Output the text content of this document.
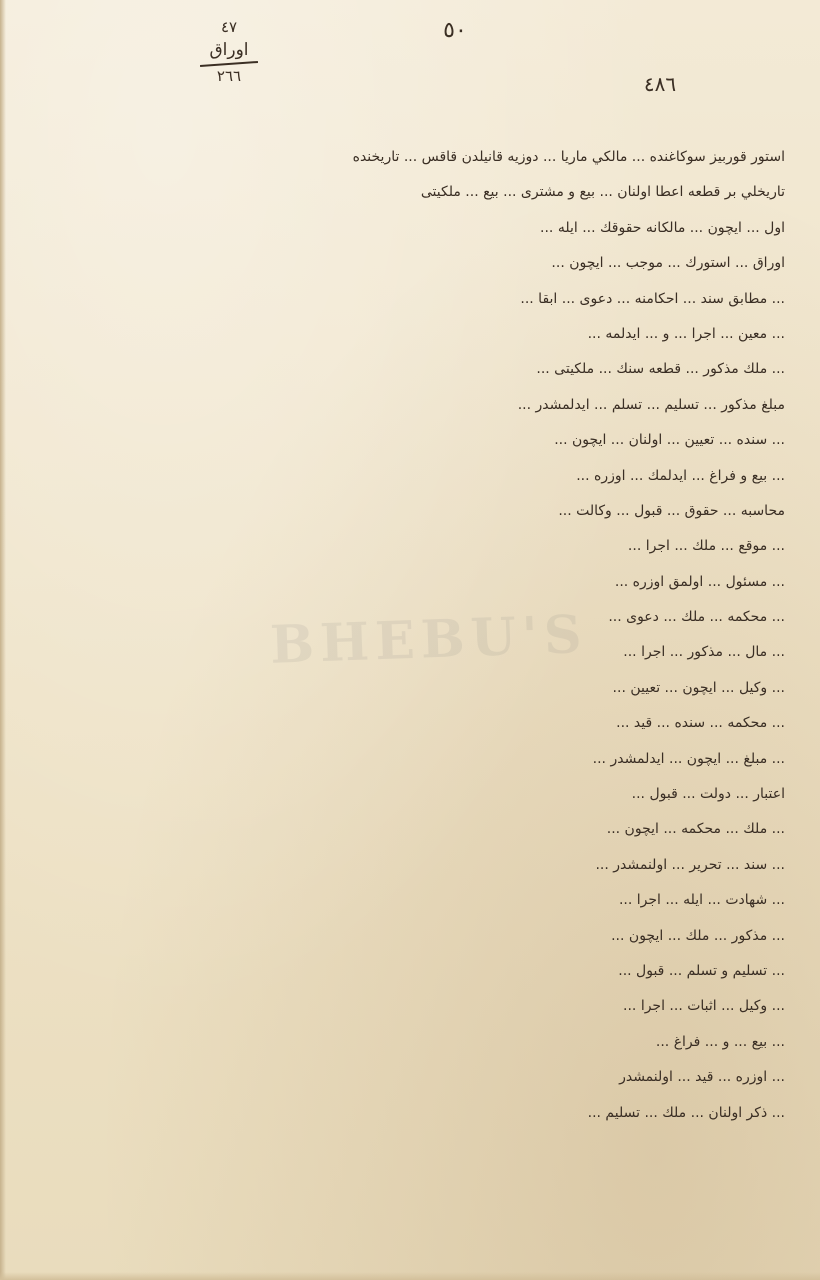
٤٧
اوراق
٢٦٦
٥٠
٤٨٦
BHEBU'S
استور قوربيز سوكاغنده ... مالكي ماريا ... دوزيه قانيلدن قاقس ... تاريخنده
تاريخلي بر قطعه اعطا اولنان ... بيع و مشترى ... بيع ... ملكيتى
اول ... ايچون ... مالكانه حقوقك ... ايله ...
اوراق ... استورك ... موجب ... ايچون ...
... مطابق سند ... احكامنه ... دعوى ... ابقا ...
... معين ... اجرا ... و ... ايدلمه ...
... ملك مذكور ... قطعه سنك ... ملكيتى ...
مبلغ مذكور ... تسليم ... تسلم ... ايدلمشدر ...
... سنده ... تعيين ... اولنان ... ايچون ...
... بيع و فراغ ... ايدلمك ... اوزره ...
محاسبه ... حقوق ... قبول ... وكالت ...
... موقع ... ملك ... اجرا ...
... مسئول ... اولمق اوزره ...
... محكمه ... ملك ... دعوى ...
... مال ... مذكور ... اجرا ...
... وكيل ... ايچون ... تعيين ...
... محكمه ... سنده ... قيد ...
... مبلغ ... ايچون ... ايدلمشدر ...
اعتبار ... دولت ... قبول ...
... ملك ... محكمه ... ايچون ...
... سند ... تحرير ... اولنمشدر ...
... شهادت ... ايله ... اجرا ...
... مذكور ... ملك ... ايچون ...
... تسليم و تسلم ... قبول ...
... وكيل ... اثبات ... اجرا ...
... بيع ... و ... فراغ ...
... اوزره ... قيد ... اولنمشدر
... ذكر اولنان ... ملك ... تسليم ...
